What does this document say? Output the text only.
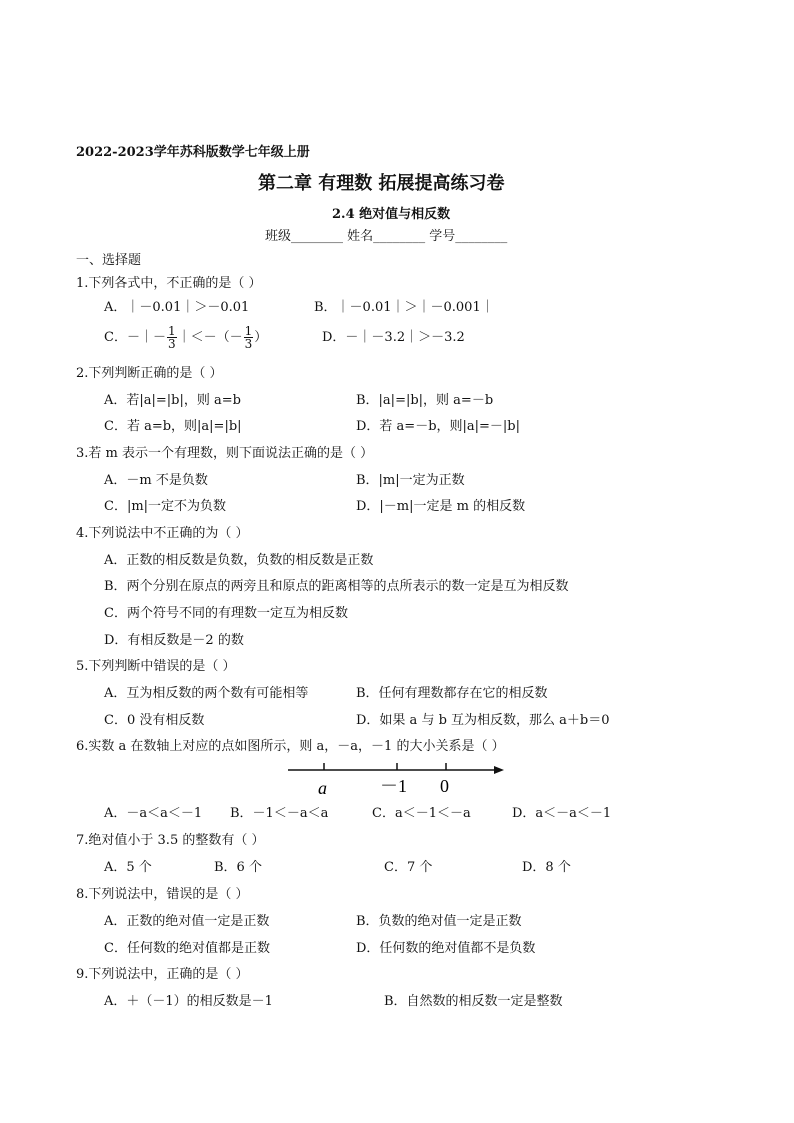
2022-2023学年苏科版数学七年级上册
第二章 有理数 拓展提高练习卷
2.4 绝对值与相反数
班级________ 姓名________ 学号________
一、选择题
1.下列各式中，不正确的是（ ）
A．｜－0.01｜＞－0.01	B．｜－0.01｜＞｜－0.001｜
C．－｜－ $\frac{1}{3}$ ｜＜－（－ $\frac{1}{3}$ ）	D．－｜－3.2｜＞－3.2
2.下列判断正确的是（ ）
A．若|a|=|b|，则 a=b	B．|a|=|b|，则 a=－b
C．若 a=b，则|a|=|b|	D．若 a=－b，则|a|=－|b|
3.若 m 表示一个有理数，则下面说法正确的是（ ）
A．－m 不是负数	B．|m|一定为正数
C．|m|一定不为负数	D．|－m|一定是 m 的相反数
4.下列说法中不正确的为（ ）
A．正数的相反数是负数，负数的相反数是正数
B．两个分别在原点的两旁且和原点的距离相等的点所表示的数一定是互为相反数
C．两个符号不同的有理数一定互为相反数
D．有相反数是－2 的数
5.下列判断中错误的是（ ）
A．互为相反数的两个数有可能相等	B．任何有理数都存在它的相反数
C．0 没有相反数	D．如果 a 与 b 互为相反数，那么 a＋b＝0
6.实数 a 在数轴上对应的点如图所示，则 a，－a，－1 的大小关系是（ ）
a	－1 0
A．－a＜a＜－1 B．－1＜－a＜a	C．a＜－1＜－a	D．a＜－a＜－1
7.绝对值小于 3.5 的整数有（ ）
A．5 个	B．6 个	C．7 个	D．8 个
8.下列说法中，错误的是（ ）
A．正数的绝对值一定是正数	B．负数的绝对值一定是正数
C．任何数的绝对值都是正数	D．任何数的绝对值都不是负数
9.下列说法中，正确的是（ ）
A．＋（－1）的相反数是－1	B．自然数的相反数一定是整数
